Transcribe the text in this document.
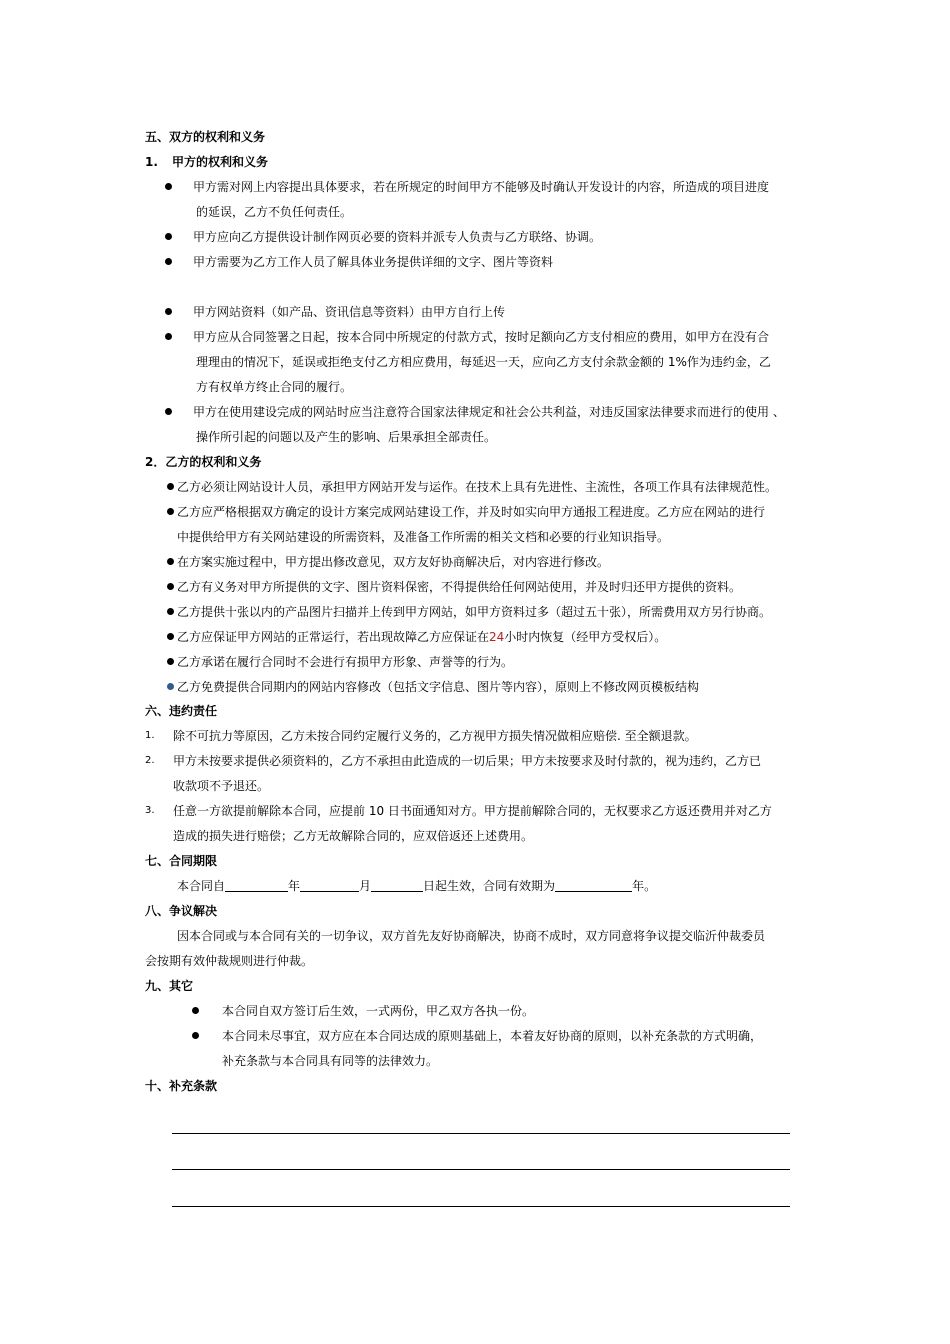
五、双方的权利和义务
1. 甲方的权利和义务
甲方需对网上内容提出具体要求，若在所规定的时间甲方不能够及时确认开发设计的内容，所造成的项目进度
的延误，乙方不负任何责任。
甲方应向乙方提供设计制作网页必要的资料并派专人负责与乙方联络、协调。
甲方需要为乙方工作人员了解具体业务提供详细的文字、图片等资料
甲方网站资料（如产品、资讯信息等资料）由甲方自行上传
甲方应从合同签署之日起，按本合同中所规定的付款方式，按时足额向乙方支付相应的费用，如甲方在没有合
理理由的情况下，延误或拒绝支付乙方相应费用，每延迟一天，应向乙方支付余款金额的 1%作为违约金，乙
方有权单方终止合同的履行。
甲方在使用建设完成的网站时应当注意符合国家法律规定和社会公共利益，对违反国家法律要求而进行的使用 、
操作所引起的问题以及产生的影响、后果承担全部责任。
2．乙方的权利和义务
乙方必须让网站设计人员，承担甲方网站开发与运作。在技术上具有先进性、主流性，各项工作具有法律规范性。
乙方应严格根据双方确定的设计方案完成网站建设工作，并及时如实向甲方通报工程进度。乙方应在网站的进行
中提供给甲方有关网站建设的所需资料，及准备工作所需的相关文档和必要的行业知识指导。
在方案实施过程中，甲方提出修改意见，双方友好协商解决后，对内容进行修改。
乙方有义务对甲方所提供的文字、图片资料保密，不得提供给任何网站使用，并及时归还甲方提供的资料。
乙方提供十张以内的产品图片扫描并上传到甲方网站，如甲方资料过多（超过五十张），所需费用双方另行协商。
乙方应保证甲方网站的正常运行，若出现故障乙方应保证在24小时内恢复（经甲方受权后）。
乙方承诺在履行合同时不会进行有损甲方形象、声誉等的行为。
乙方免费提供合同期内的网站内容修改（包括文字信息、图片等内容），原则上不修改网页模板结构
六、违约责任
1. 除不可抗力等原因，乙方未按合同约定履行义务的，乙方视甲方损失情况做相应赔偿. 至全额退款。
2. 甲方未按要求提供必须资料的，乙方不承担由此造成的一切后果；甲方未按要求及时付款的，视为违约，乙方已
收款项不予退还。
3. 任意一方欲提前解除本合同，应提前 10 日书面通知对方。甲方提前解除合同的，无权要求乙方返还费用并对乙方
造成的损失进行赔偿；乙方无故解除合同的，应双倍返还上述费用。
七、合同期限
本合同自	年	月	日起生效，合同有效期为	年。
八、争议解决
因本合同或与本合同有关的一切争议，双方首先友好协商解决，协商不成时，双方同意将争议提交临沂仲裁委员
会按期有效仲裁规则进行仲裁。
九、其它
本合同自双方签订后生效，一式两份，甲乙双方各执一份。
本合同未尽事宜，双方应在本合同达成的原则基础上，本着友好协商的原则，以补充条款的方式明确，
补充条款与本合同具有同等的法律效力。
十、补充条款
